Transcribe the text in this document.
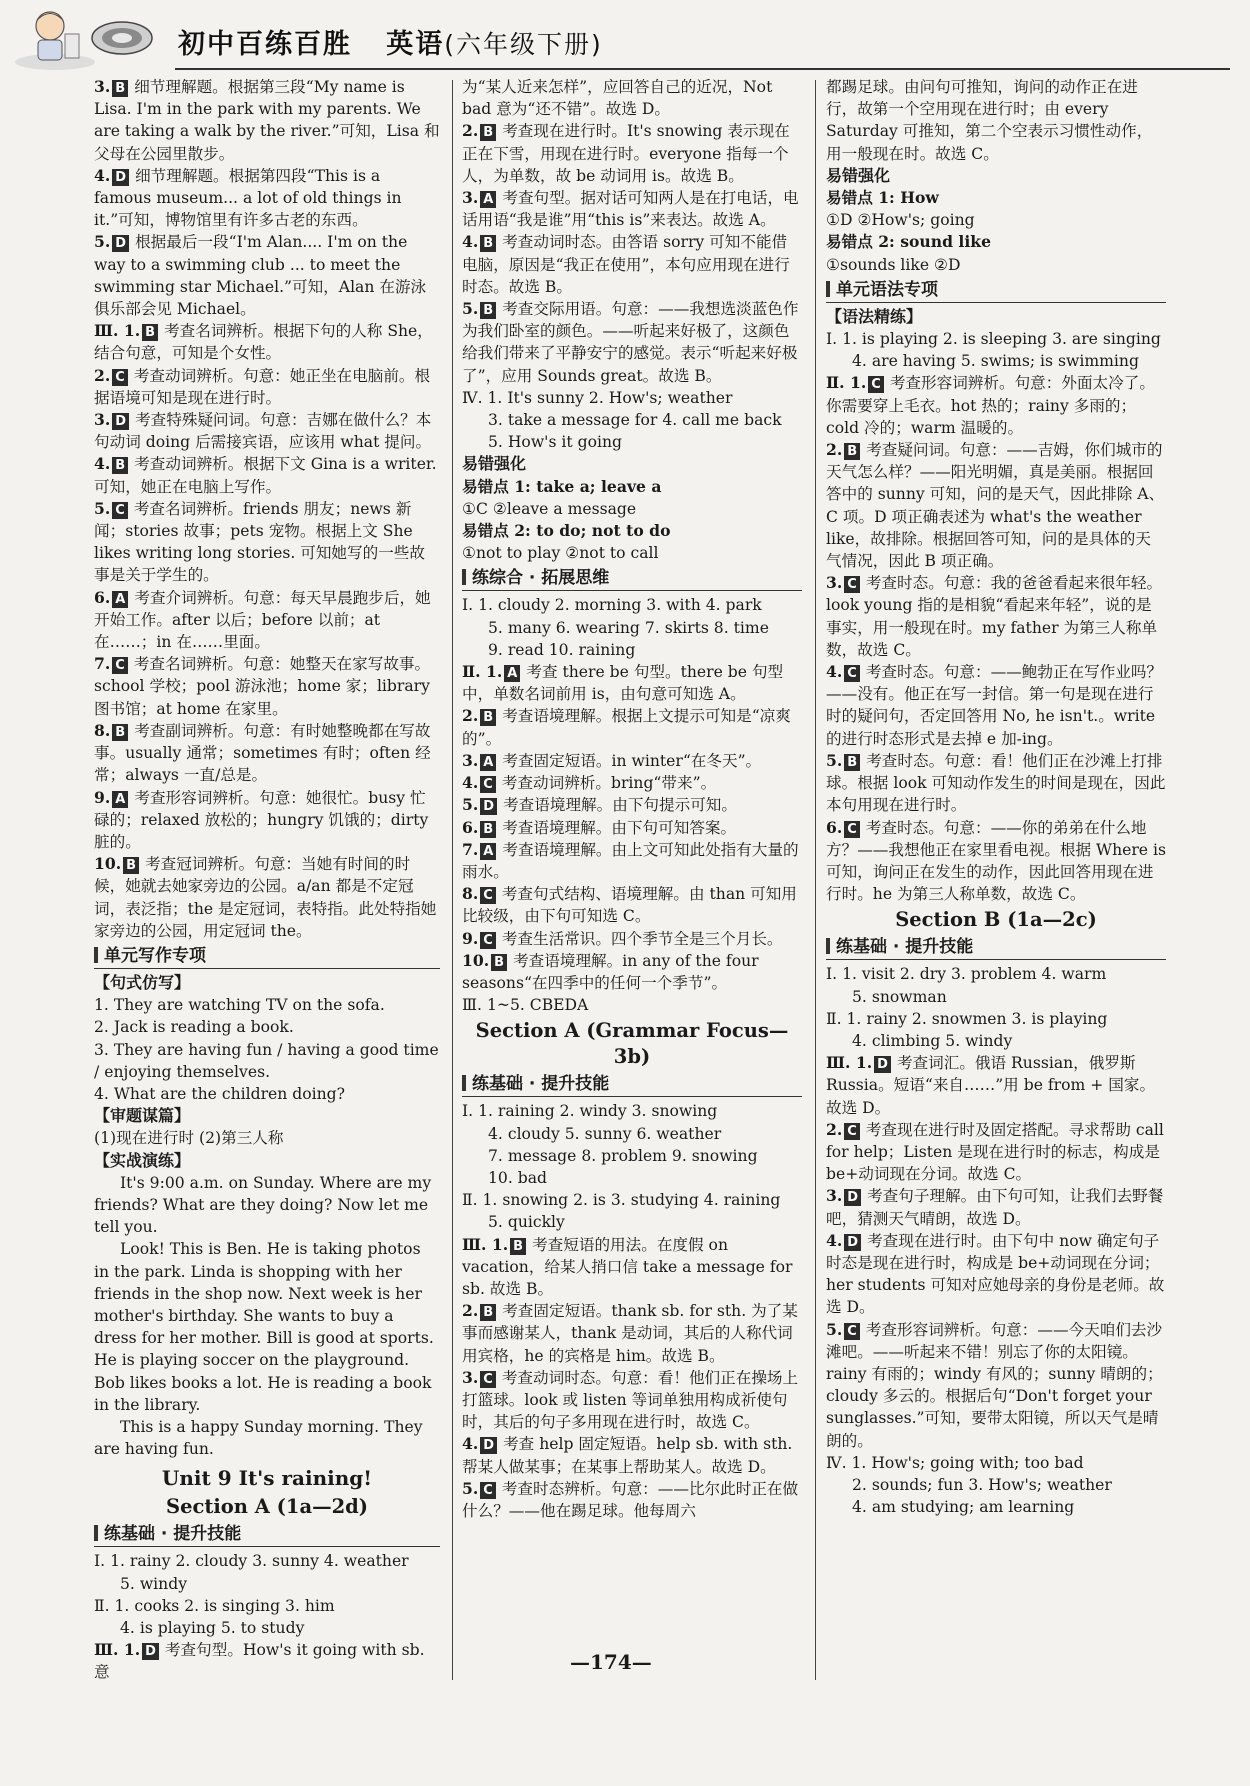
初中百练百胜 英语(六年级下册)
3. B 细节理解题。根据第三段“My name is Lisa. I'm in the park with my parents. We are taking a walk by the river.”可知，Lisa 和父母在公园里散步。
4. D 细节理解题。根据第四段“This is a famous museum... a lot of old things in it.”可知，博物馆里有许多古老的东西。
5. D 根据最后一段“I'm Alan.... I'm on the way to a swimming club ... to meet the swimming star Michael.”可知，Alan 在游泳俱乐部会见 Michael。
Ⅲ. 1. B 考查名词辨析。根据下句的人称 She，结合句意，可知是个女性。
2. C 考查动词辨析。句意：她正坐在电脑前。根据语境可知是现在进行时。
3. D 考查特殊疑问词。句意：吉娜在做什么？本句动词 doing 后需接宾语，应该用 what 提问。
4. B 考查动词辨析。根据下文 Gina is a writer. 可知，她正在电脑上写作。
5. C 考查名词辨析。friends 朋友；news 新闻；stories 故事；pets 宠物。根据上文 She likes writing long stories. 可知她写的一些故事是关于学生的。
6. A 考查介词辨析。句意：每天早晨跑步后，她开始工作。after 以后；before 以前；at 在……；in 在……里面。
7. C 考查名词辨析。句意：她整天在家写故事。school 学校；pool 游泳池；home 家；library 图书馆；at home 在家里。
8. B 考查副词辨析。句意：有时她整晚都在写故事。usually 通常；sometimes 有时；often 经常；always 一直/总是。
9. A 考查形容词辨析。句意：她很忙。busy 忙碌的；relaxed 放松的；hungry 饥饿的；dirty 脏的。
10. B 考查冠词辨析。句意：当她有时间的时候，她就去她家旁边的公园。a/an 都是不定冠词，表泛指；the 是定冠词，表特指。此处特指她家旁边的公园，用定冠词 the。
单元写作专项
【句式仿写】
1. They are watching TV on the sofa.
2. Jack is reading a book.
3. They are having fun / having a good time / enjoying themselves.
4. What are the children doing?
【审题谋篇】
(1)现在进行时 (2)第三人称
【实战演练】
It's 9:00 a.m. on Sunday. Where are my friends? What are they doing? Now let me tell you.
Look! This is Ben. He is taking photos in the park. Linda is shopping with her friends in the shop now. Next week is her mother's birthday. She wants to buy a dress for her mother. Bill is good at sports. He is playing soccer on the playground. Bob likes books a lot. He is reading a book in the library.
This is a happy Sunday morning. They are having fun.
Unit 9 It's raining!
Section A (1a—2d)
练基础 · 提升技能
Ⅰ. 1. rainy 2. cloudy 3. sunny 4. weather
5. windy
Ⅱ. 1. cooks 2. is singing 3. him
4. is playing 5. to study
Ⅲ. 1. D 考查句型。How's it going with sb. 意
为“某人近来怎样”，应回答自己的近况，Not bad 意为“还不错”。故选 D。
2. B 考查现在进行时。It's snowing 表示现在正在下雪，用现在进行时。everyone 指每一个人，为单数，故 be 动词用 is。故选 B。
3. A 考查句型。据对话可知两人是在打电话，电话用语“我是谁”用“this is”来表达。故选 A。
4. B 考查动词时态。由答语 sorry 可知不能借电脑，原因是“我正在使用”，本句应用现在进行时态。故选 B。
5. B 考查交际用语。句意：——我想选淡蓝色作为我们卧室的颜色。——听起来好极了，这颜色给我们带来了平静安宁的感觉。表示“听起来好极了”，应用 Sounds great。故选 B。
Ⅳ. 1. It's sunny 2. How's; weather
3. take a message for 4. call me back
5. How's it going
易错强化
易错点 1: take a; leave a
①C ②leave a message
易错点 2: to do; not to do
①not to play ②not to call
练综合 · 拓展思维
Ⅰ. 1. cloudy 2. morning 3. with 4. park
5. many 6. wearing 7. skirts 8. time
9. read 10. raining
Ⅱ. 1. A 考查 there be 句型。there be 句型中，单数名词前用 is，由句意可知选 A。
2. B 考查语境理解。根据上文提示可知是“凉爽的”。
3. A 考查固定短语。in winter“在冬天”。
4. C 考查动词辨析。bring“带来”。
5. D 考查语境理解。由下句提示可知。
6. B 考查语境理解。由下句可知答案。
7. A 考查语境理解。由上文可知此处指有大量的雨水。
8. C 考查句式结构、语境理解。由 than 可知用比较级，由下句可知选 C。
9. C 考查生活常识。四个季节全是三个月长。
10. B 考查语境理解。in any of the four seasons“在四季中的任何一个季节”。
Ⅲ. 1~5. CBEDA
Section A (Grammar Focus—3b)
练基础 · 提升技能
Ⅰ. 1. raining 2. windy 3. snowing
4. cloudy 5. sunny 6. weather
7. message 8. problem 9. snowing
10. bad
Ⅱ. 1. snowing 2. is 3. studying 4. raining
5. quickly
Ⅲ. 1. B 考查短语的用法。在度假 on vacation，给某人捎口信 take a message for sb. 故选 B。
2. B 考查固定短语。thank sb. for sth. 为了某事而感谢某人，thank 是动词，其后的人称代词用宾格，he 的宾格是 him。故选 B。
3. C 考查动词时态。句意：看！他们正在操场上打篮球。look 或 listen 等词单独用构成祈使句时，其后的句子多用现在进行时，故选 C。
4. D 考查 help 固定短语。help sb. with sth. 帮某人做某事；在某事上帮助某人。故选 D。
5. C 考查时态辨析。句意：——比尔此时正在做什么？——他在踢足球。他每周六
都踢足球。由问句可推知，询问的动作正在进行，故第一个空用现在进行时；由 every Saturday 可推知，第二个空表示习惯性动作，用一般现在时。故选 C。
易错强化
易错点 1: How
①D ②How's; going
易错点 2: sound like
①sounds like ②D
单元语法专项
【语法精练】
Ⅰ. 1. is playing 2. is sleeping 3. are singing
4. are having 5. swims; is swimming
Ⅱ. 1. C 考查形容词辨析。句意：外面太冷了。你需要穿上毛衣。hot 热的；rainy 多雨的；cold 冷的；warm 温暖的。
2. B 考查疑问词。句意：——吉姆，你们城市的天气怎么样？——阳光明媚，真是美丽。根据回答中的 sunny 可知，问的是天气，因此排除 A、C 项。D 项正确表述为 what's the weather like，故排除。根据回答可知，问的是具体的天气情况，因此 B 项正确。
3. C 考查时态。句意：我的爸爸看起来很年轻。look young 指的是相貌“看起来年轻”，说的是事实，用一般现在时。my father 为第三人称单数，故选 C。
4. C 考查时态。句意：——鲍勃正在写作业吗？——没有。他正在写一封信。第一句是现在进行时的疑问句，否定回答用 No, he isn't.。write 的进行时态形式是去掉 e 加-ing。
5. B 考查时态。句意：看！他们正在沙滩上打排球。根据 look 可知动作发生的时间是现在，因此本句用现在进行时。
6. C 考查时态。句意：——你的弟弟在什么地方？——我想他正在家里看电视。根据 Where is 可知，询问正在发生的动作，因此回答用现在进行时。he 为第三人称单数，故选 C。
Section B (1a—2c)
练基础 · 提升技能
Ⅰ. 1. visit 2. dry 3. problem 4. warm
5. snowman
Ⅱ. 1. rainy 2. snowmen 3. is playing
4. climbing 5. windy
Ⅲ. 1. D 考查词汇。俄语 Russian，俄罗斯 Russia。短语“来自……”用 be from + 国家。故选 D。
2. C 考查现在进行时及固定搭配。寻求帮助 call for help；Listen 是现在进行时的标志，构成是 be+动词现在分词。故选 C。
3. D 考查句子理解。由下句可知，让我们去野餐吧，猜测天气晴朗，故选 D。
4. D 考查现在进行时。由下句中 now 确定句子时态是现在进行时，构成是 be+动词现在分词；her students 可知对应她母亲的身份是老师。故选 D。
5. C 考查形容词辨析。句意：——今天咱们去沙滩吧。——听起来不错！别忘了你的太阳镜。rainy 有雨的；windy 有风的；sunny 晴朗的；cloudy 多云的。根据后句“Don't forget your sunglasses.”可知，要带太阳镜，所以天气是晴朗的。
Ⅳ. 1. How's; going with; too bad
2. sounds; fun 3. How's; weather
4. am studying; am learning
—174—
